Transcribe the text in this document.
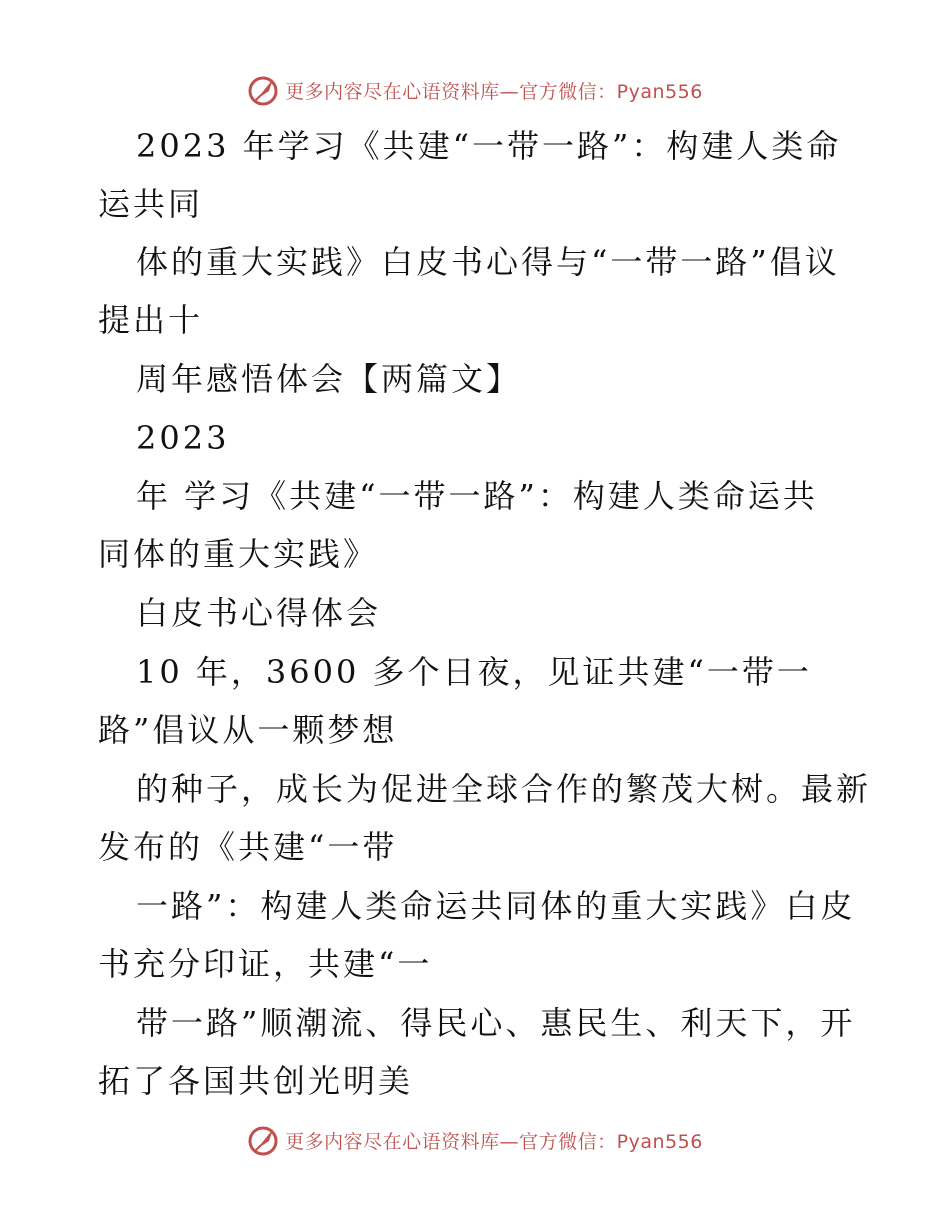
更多内容尽在心语资料库—官方微信：Pyan556
2023 年学习《共建“一带一路”：构建人类命
运共同
体的重大实践》白皮书心得与“一带一路”倡议
提出十
周年感悟体会【两篇文】
2023
年 学习《共建“一带一路”：构建人类命运共
同体的重大实践》
白皮书心得体会
10 年，3600 多个日夜，见证共建“一带一
路”倡议从一颗梦想
的种子，成长为促进全球合作的繁茂大树。最新
发布的《共建“一带
一路”：构建人类命运共同体的重大实践》白皮
书充分印证，共建“一
带一路”顺潮流、得民心、惠民生、利天下，开
拓了各国共创光明美
更多内容尽在心语资料库—官方微信：Pyan556
